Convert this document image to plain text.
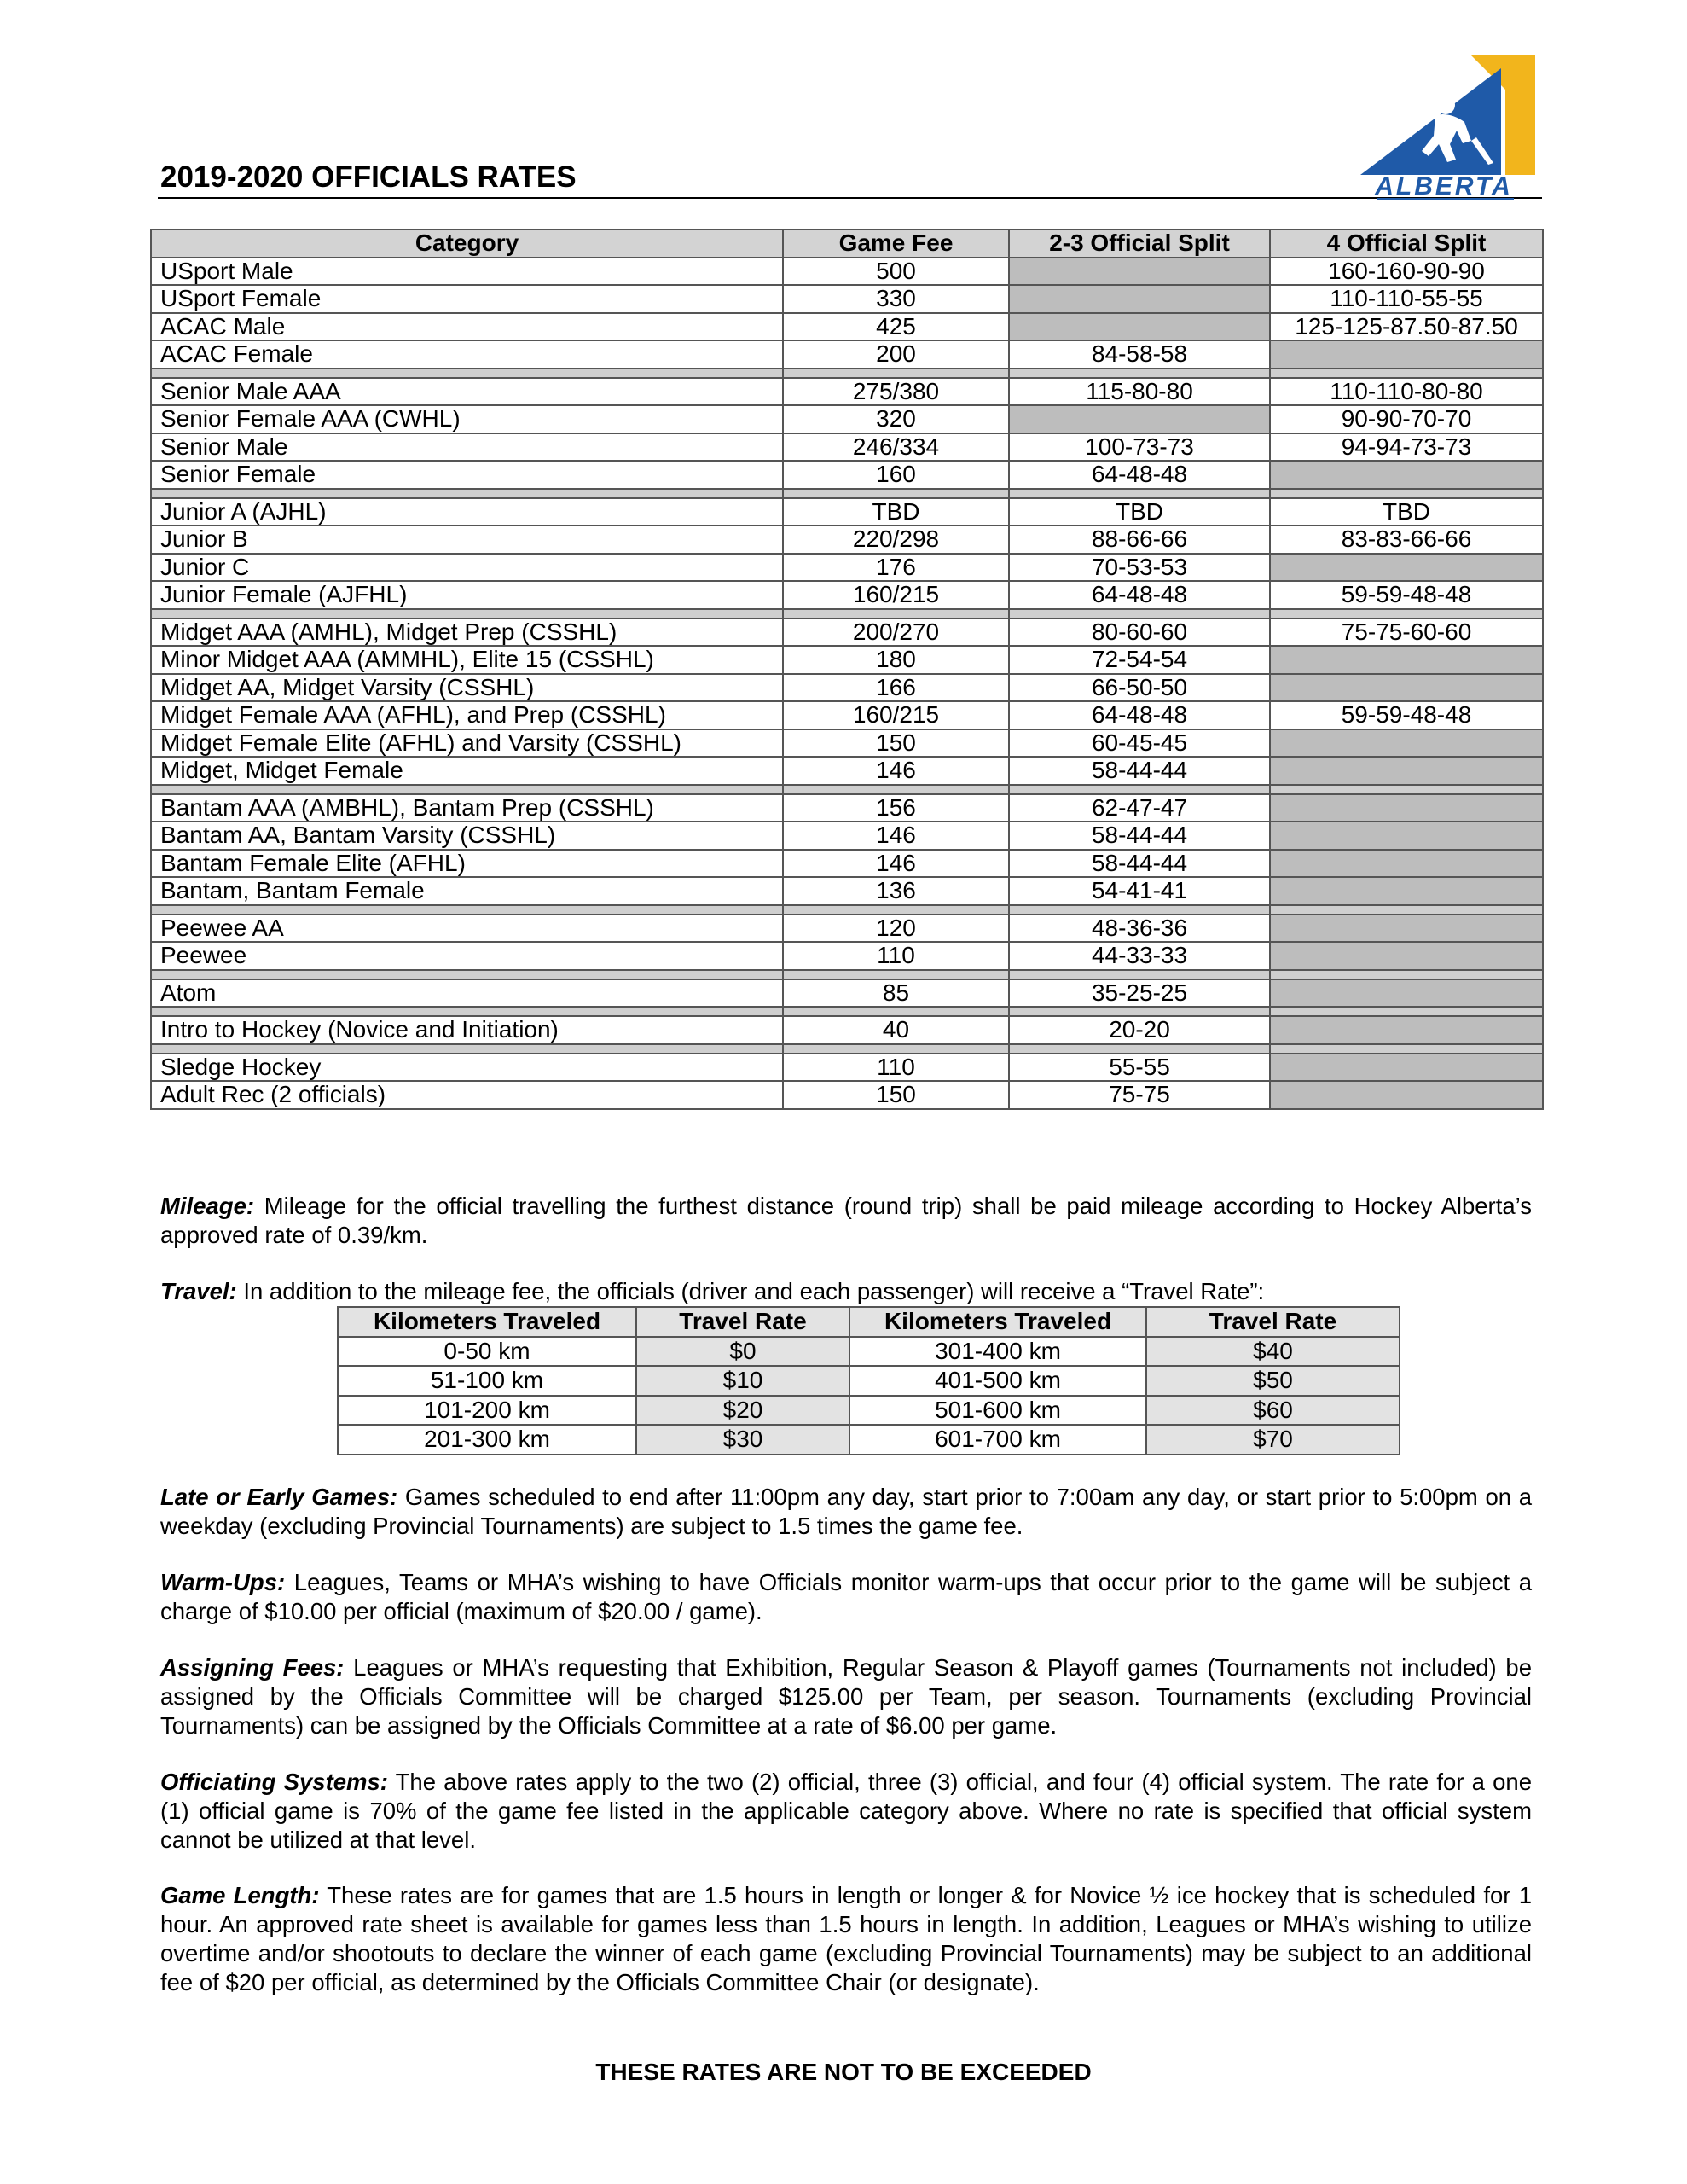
2019-2020 OFFICIALS RATES	ALBERTA
Category	Game Fee	2-3 Official Split	4 Official Split
USport Male	500		160-160-90-90
USport Female	330		110-110-55-55
ACAC Male	425		125-125-87.50-87.50
ACAC Female	200	84-58-58	

Senior Male AAA	275/380	115-80-80	110-110-80-80
Senior Female AAA (CWHL)	320		90-90-70-70
Senior Male	246/334	100-73-73	94-94-73-73
Senior Female	160	64-48-48	

Junior A (AJHL)	TBD	TBD	TBD
Junior B	220/298	88-66-66	83-83-66-66
Junior C	176	70-53-53	
Junior Female (AJFHL)	160/215	64-48-48	59-59-48-48

Midget AAA (AMHL), Midget Prep (CSSHL)	200/270	80-60-60	75-75-60-60
Minor Midget AAA (AMMHL), Elite 15 (CSSHL)	180	72-54-54	
Midget AA, Midget Varsity (CSSHL)	166	66-50-50	
Midget Female AAA (AFHL), and Prep (CSSHL)	160/215	64-48-48	59-59-48-48
Midget Female Elite (AFHL) and Varsity (CSSHL)	150	60-45-45	
Midget, Midget Female	146	58-44-44	

Bantam AAA (AMBHL), Bantam Prep (CSSHL)	156	62-47-47	
Bantam AA, Bantam Varsity (CSSHL)	146	58-44-44	
Bantam Female Elite (AFHL)	146	58-44-44	
Bantam, Bantam Female	136	54-41-41	

Peewee AA	120	48-36-36	
Peewee	110	44-33-33	

Atom	85	35-25-25	

Intro to Hockey (Novice and Initiation)	40	20-20	

Sledge Hockey	110	55-55	
Adult Rec (2 officials)	150	75-75	
Mileage: Mileage for the official travelling the furthest distance (round trip) shall be paid mileage according to Hockey Alberta’s approved rate of 0.39/km.
Travel: In addition to the mileage fee, the officials (driver and each passenger) will receive a “Travel Rate”:
Kilometers Traveled	Travel Rate	Kilometers Traveled	Travel Rate
0-50 km	$0	301-400 km	$40
51-100 km	$10	401-500 km	$50
101-200 km	$20	501-600 km	$60
201-300 km	$30	601-700 km	$70
Late or Early Games: Games scheduled to end after 11:00pm any day, start prior to 7:00am any day, or start prior to 5:00pm on a weekday (excluding Provincial Tournaments) are subject to 1.5 times the game fee.
Warm-Ups: Leagues, Teams or MHA’s wishing to have Officials monitor warm-ups that occur prior to the game will be subject a charge of $10.00 per official (maximum of $20.00 / game).
Assigning Fees: Leagues or MHA’s requesting that Exhibition, Regular Season & Playoff games (Tournaments not included) be assigned by the Officials Committee will be charged $125.00 per Team, per season. Tournaments (excluding Provincial Tournaments) can be assigned by the Officials Committee at a rate of $6.00 per game.
Officiating Systems: The above rates apply to the two (2) official, three (3) official, and four (4) official system. The rate for a one (1) official game is 70% of the game fee listed in the applicable category above. Where no rate is specified that official system cannot be utilized at that level.
Game Length: These rates are for games that are 1.5 hours in length or longer & for Novice ½ ice hockey that is scheduled for 1 hour. An approved rate sheet is available for games less than 1.5 hours in length. In addition, Leagues or MHA’s wishing to utilize overtime and/or shootouts to declare the winner of each game (excluding Provincial Tournaments) may be subject to an additional fee of $20 per official, as determined by the Officials Committee Chair (or designate).
THESE RATES ARE NOT TO BE EXCEEDED
